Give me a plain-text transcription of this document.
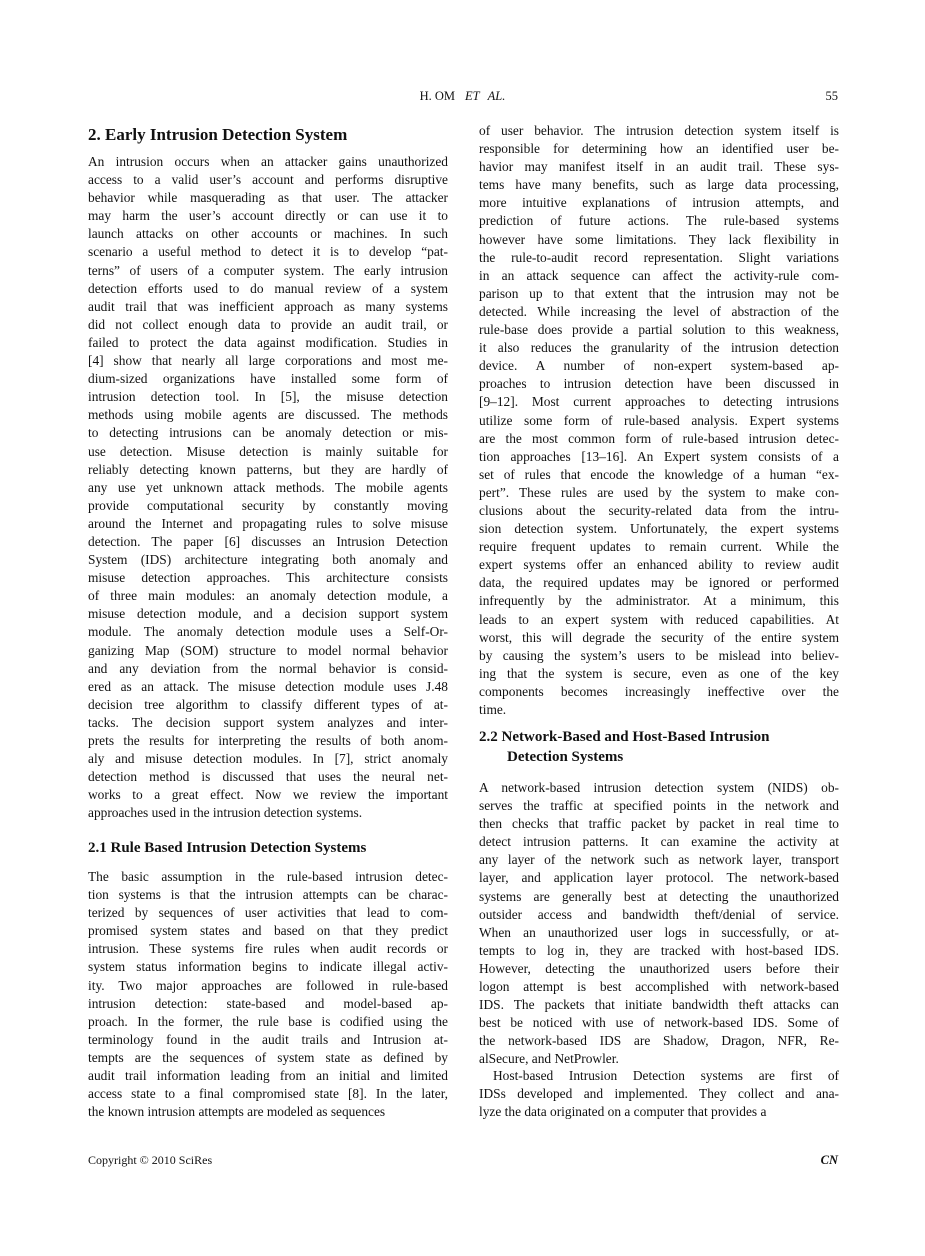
H. OM ET AL.	55
2. Early Intrusion Detection System
An intrusion occurs when an attacker gains unauthorized
access to a valid user’s account and performs disruptive
behavior while masquerading as that user. The attacker
may harm the user’s account directly or can use it to
launch attacks on other accounts or machines. In such
scenario a useful method to detect it is to develop “pat-
terns” of users of a computer system. The early intrusion
detection efforts used to do manual review of a system
audit trail that was inefficient approach as many systems
did not collect enough data to provide an audit trail, or
failed to protect the data against modification. Studies in
[4] show that nearly all large corporations and most me-
dium-sized organizations have installed some form of
intrusion detection tool. In [5], the misuse detection
methods using mobile agents are discussed. The methods
to detecting intrusions can be anomaly detection or mis-
use detection. Misuse detection is mainly suitable for
reliably detecting known patterns, but they are hardly of
any use yet unknown attack methods. The mobile agents
provide computational security by constantly moving
around the Internet and propagating rules to solve misuse
detection. The paper [6] discusses an Intrusion Detection
System (IDS) architecture integrating both anomaly and
misuse detection approaches. This architecture consists
of three main modules: an anomaly detection module, a
misuse detection module, and a decision support system
module. The anomaly detection module uses a Self-Or-
ganizing Map (SOM) structure to model normal behavior
and any deviation from the normal behavior is consid-
ered as an attack. The misuse detection module uses J.48
decision tree algorithm to classify different types of at-
tacks. The decision support system analyzes and inter-
prets the results for interpreting the results of both anom-
aly and misuse detection modules. In [7], strict anomaly
detection method is discussed that uses the neural net-
works to a great effect. Now we review the important
approaches used in the intrusion detection systems.
2.1 Rule Based Intrusion Detection Systems
The basic assumption in the rule-based intrusion detec-
tion systems is that the intrusion attempts can be charac-
terized by sequences of user activities that lead to com-
promised system states and based on that they predict
intrusion. These systems fire rules when audit records or
system status information begins to indicate illegal activ-
ity. Two major approaches are followed in rule-based
intrusion detection: state-based and model-based ap-
proach. In the former, the rule base is codified using the
terminology found in the audit trails and Intrusion at-
tempts are the sequences of system state as defined by
audit trail information leading from an initial and limited
access state to a final compromised state [8]. In the later,
the known intrusion attempts are modeled as sequences
of user behavior. The intrusion detection system itself is
responsible for determining how an identified user be-
havior may manifest itself in an audit trail. These sys-
tems have many benefits, such as large data processing,
more intuitive explanations of intrusion attempts, and
prediction of future actions. The rule-based systems
however have some limitations. They lack flexibility in
the rule-to-audit record representation. Slight variations
in an attack sequence can affect the activity-rule com-
parison up to that extent that the intrusion may not be
detected. While increasing the level of abstraction of the
rule-base does provide a partial solution to this weakness,
it also reduces the granularity of the intrusion detection
device. A number of non-expert system-based ap-
proaches to intrusion detection have been discussed in
[9–12]. Most current approaches to detecting intrusions
utilize some form of rule-based analysis. Expert systems
are the most common form of rule-based intrusion detec-
tion approaches [13–16]. An Expert system consists of a
set of rules that encode the knowledge of a human “ex-
pert”. These rules are used by the system to make con-
clusions about the security-related data from the intru-
sion detection system. Unfortunately, the expert systems
require frequent updates to remain current. While the
expert systems offer an enhanced ability to review audit
data, the required updates may be ignored or performed
infrequently by the administrator. At a minimum, this
leads to an expert system with reduced capabilities. At
worst, this will degrade the security of the entire system
by causing the system’s users to be mislead into believ-
ing that the system is secure, even as one of the key
components becomes increasingly ineffective over the
time.
2.2 Network-Based and Host-Based Intrusion
Detection Systems
A network-based intrusion detection system (NIDS) ob-
serves the traffic at specified points in the network and
then checks that traffic packet by packet in real time to
detect intrusion patterns. It can examine the activity at
any layer of the network such as network layer, transport
layer, and application layer protocol. The network-based
systems are generally best at detecting the unauthorized
outsider access and bandwidth theft/denial of service.
When an unauthorized user logs in successfully, or at-
tempts to log in, they are tracked with host-based IDS.
However, detecting the unauthorized users before their
logon attempt is best accomplished with network-based
IDS. The packets that initiate bandwidth theft attacks can
best be noticed with use of network-based IDS. Some of
the network-based IDS are Shadow, Dragon, NFR, Re-
alSecure, and NetProwler.
Host-based Intrusion Detection systems are first of
IDSs developed and implemented. They collect and ana-
lyze the data originated on a computer that provides a
Copyright © 2010 SciRes	CN
